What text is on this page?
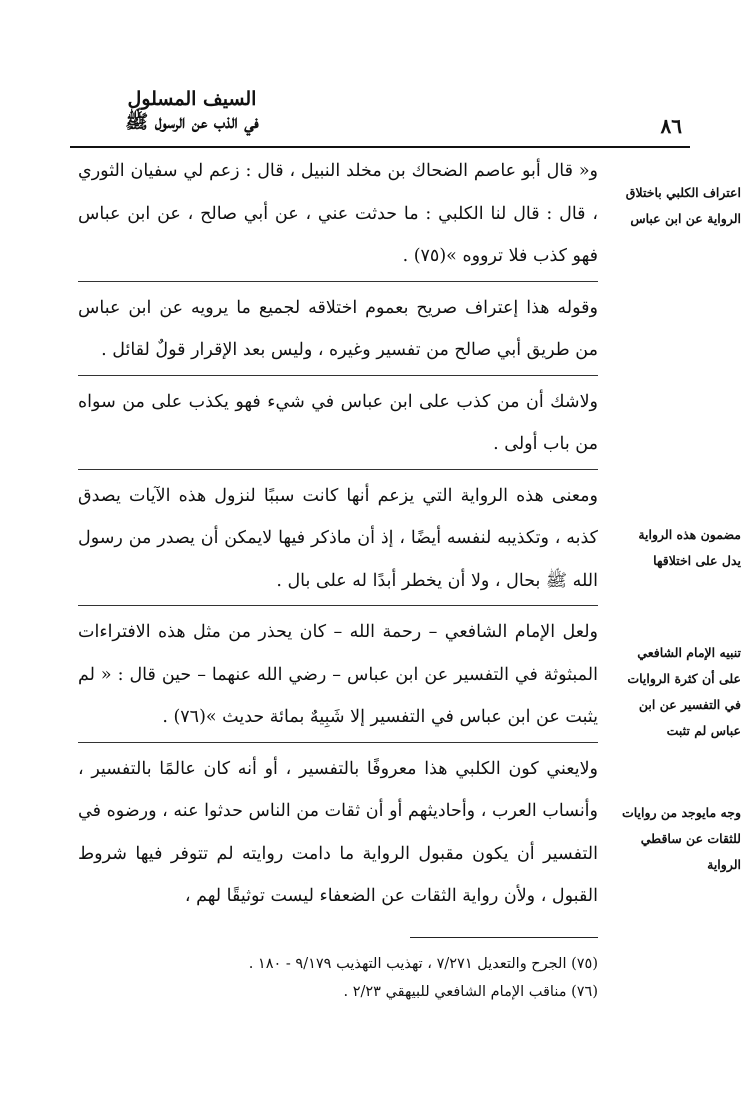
٨٦
السيف المسلول
في الذب عن الرسول ﷺ

و« قال أبو عاصم الضحاك بن مخلد النبيل ، قال : زعم لي سفيان الثوري ، قال : قال لنا الكلبي : ما حدثت عني ، عن أبي صالح ، عن ابن عباس فهو كذب فلا ترووه »(٧٥) .

وقوله هذا إعتراف صريح بعموم اختلاقه لجميع ما يرويه عن ابن عباس من طريق أبي صالح من تفسير وغيره ، وليس بعد الإقرار قولٌ لقائل .

ولاشك أن من كذب على ابن عباس في شيء فهو يكذب على من سواه من باب أولى .

ومعنى هذه الرواية التي يزعم أنها كانت سببًا لنزول هذه الآيات يصدق كذبه ، وتكذيبه لنفسه أيضًا ، إذ أن ماذكر فيها لايمكن أن يصدر من رسول الله ﷺ بحال ، ولا أن يخطر أبدًا له على بال .

ولعل الإمام الشافعي – رحمة الله – كان يحذر من مثل هذه الافتراءات المبثوثة في التفسير عن ابن عباس – رضي الله عنهما – حين قال : « لم يثبت عن ابن عباس في التفسير إلا شَبِيهٌ بمائة حديث »(٧٦) .

ولايعني كون الكلبي هذا معروفًا بالتفسير ، أو أنه كان عالمًا بالتفسير ، وأنساب العرب ، وأحاديثهم أو أن ثقات من الناس حدثوا عنه ، ورضوه في التفسير أن يكون مقبول الرواية ما دامت روايته لم تتوفر فيها شروط القبول ، ولأن رواية الثقات عن الضعفاء ليست توثيقًا لهم ،

اعتراف الكلبي باختلاق الرواية عن ابن عباس
مضمون هذه الرواية يدل على اختلاقها
تنبيه الإمام الشافعي على أن كثرة الروايات في التفسير عن ابن عباس لم تثبت
وجه مايوجد من روايات للثقات عن ساقطي الرواية

(٧٥) الجرح والتعديل ٧/٢٧١ ، تهذيب التهذيب ٩/١٧٩ - ١٨٠ .

(٧٦) مناقب الإمام الشافعي للبيهقي ٢/٢٣ .
